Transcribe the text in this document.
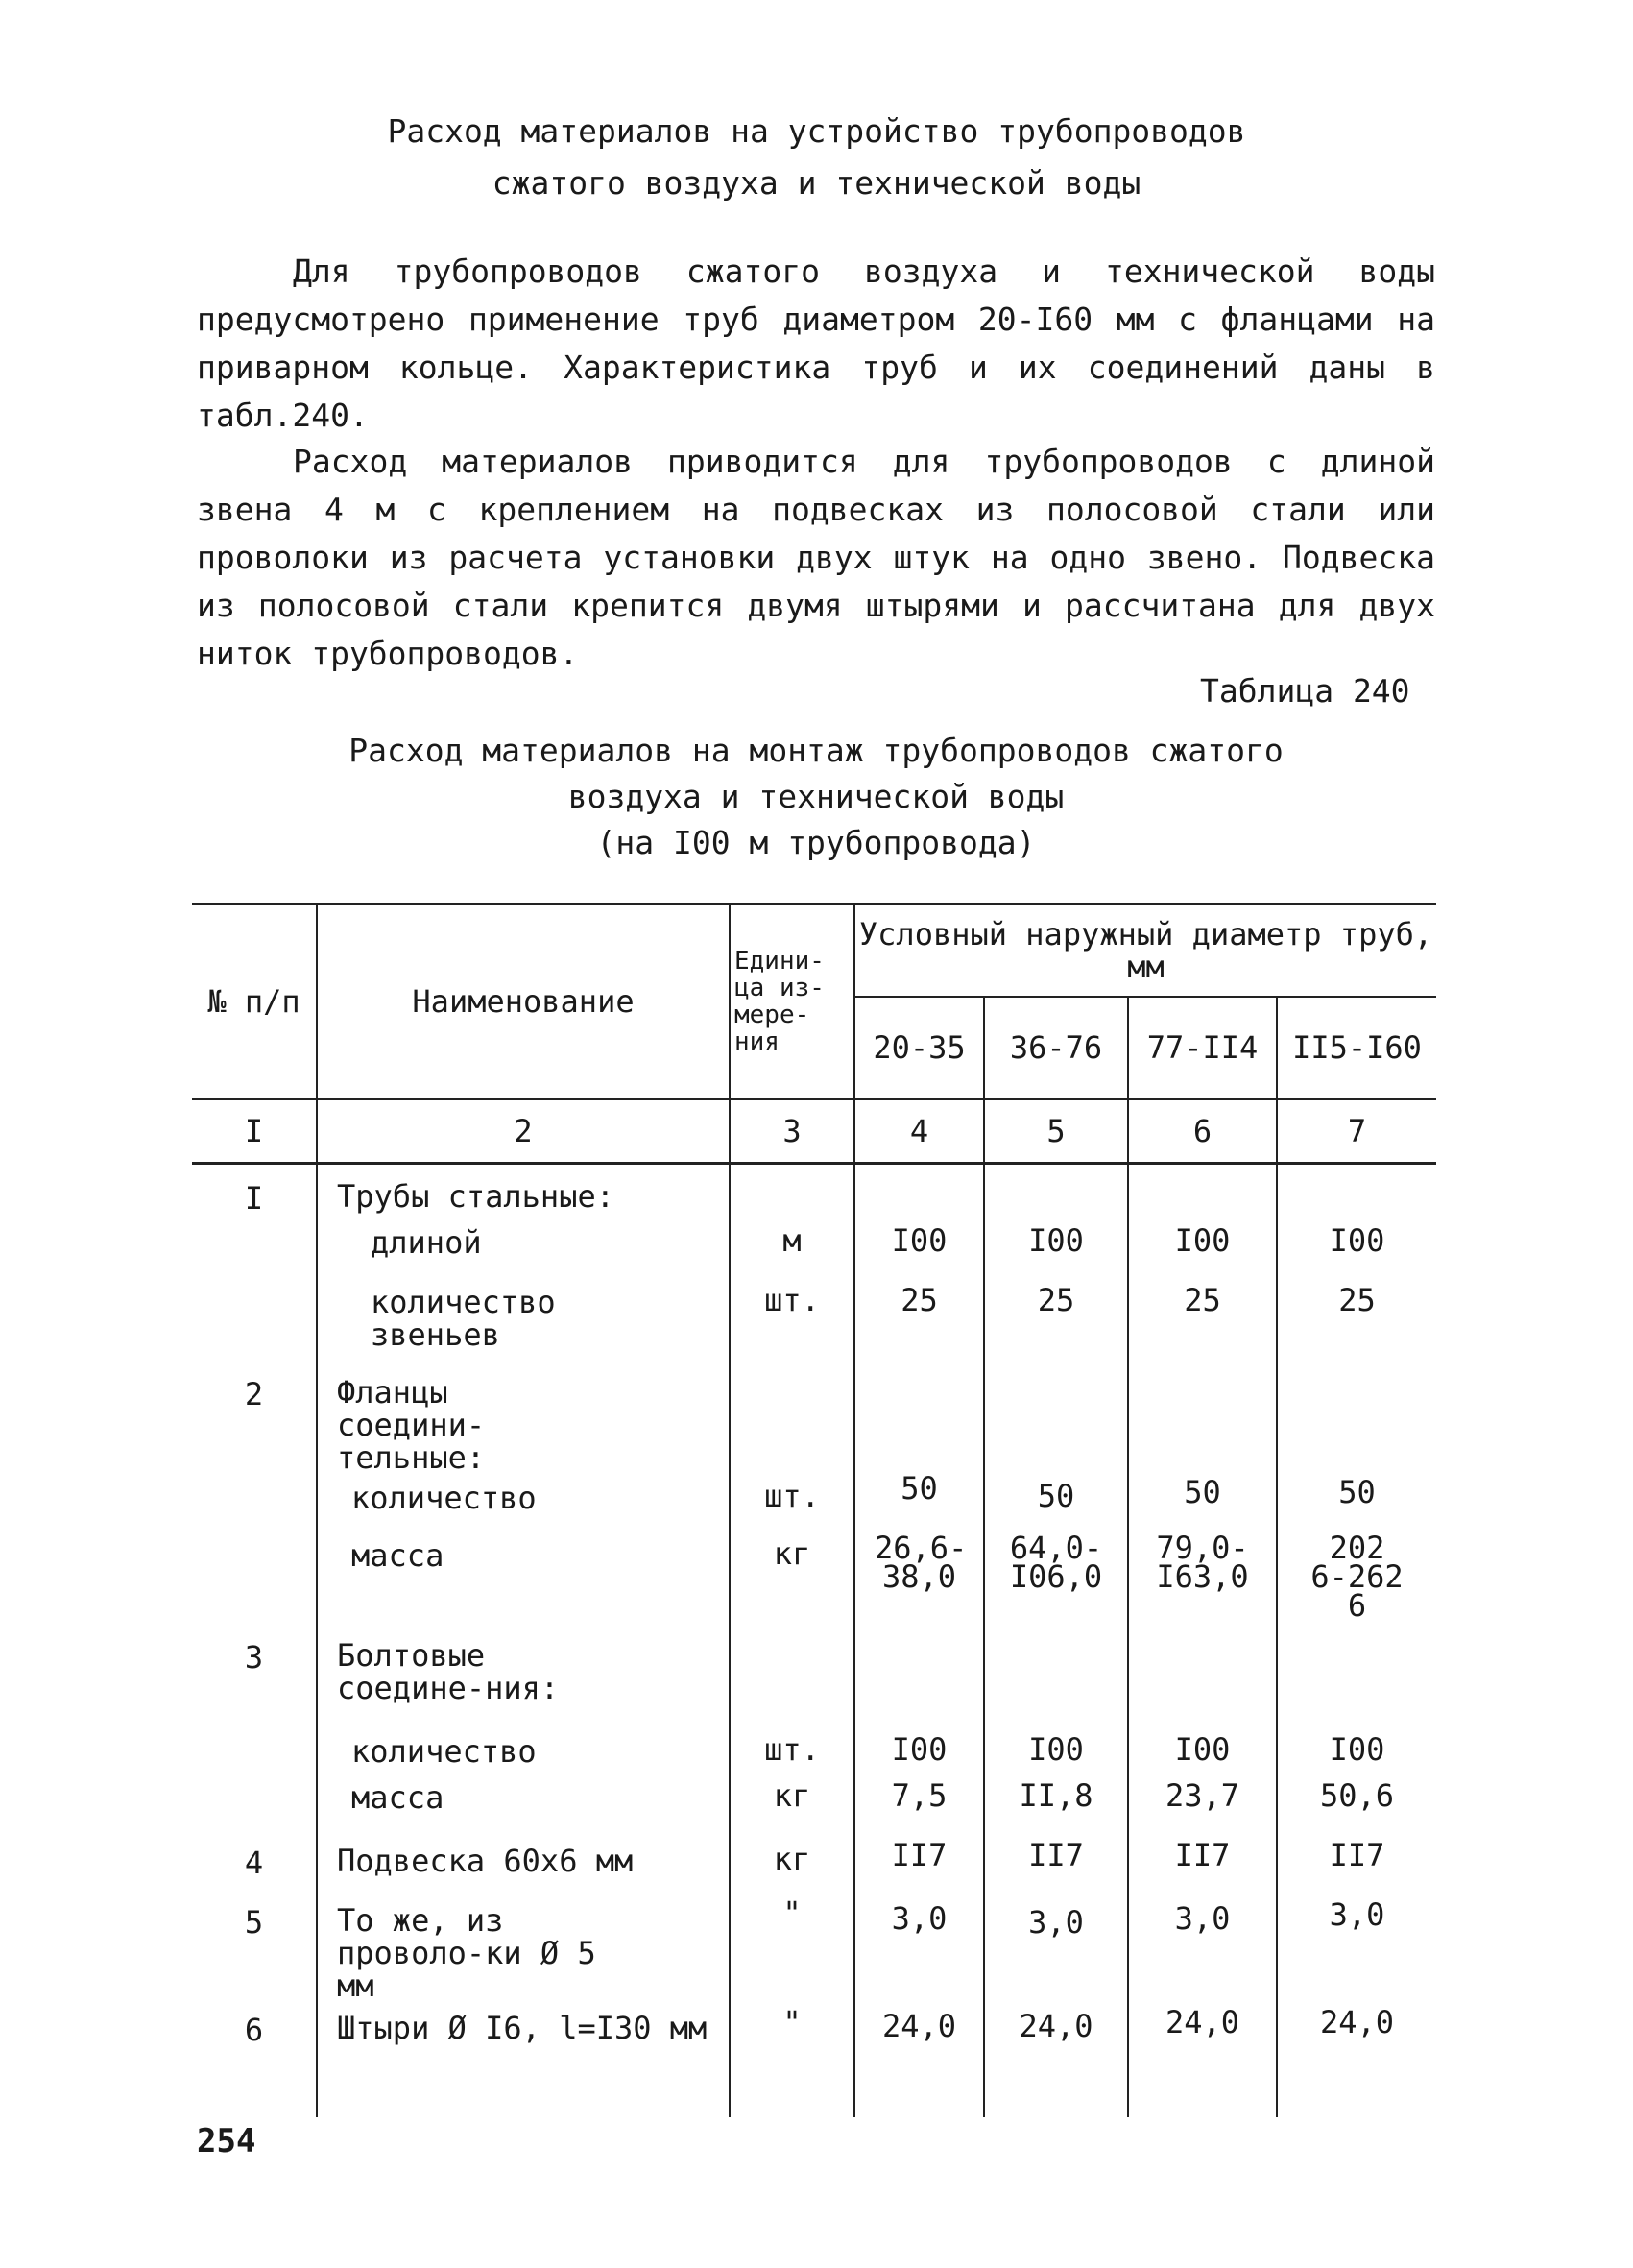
Расход материалов на устройство трубопроводов
сжатого воздуха и технической воды
Для трубопроводов сжатого воздуха и технической воды предусмотрено применение труб диаметром 20-I60 мм с фланцами на приварном кольце. Характеристика труб и их соединений даны в табл.240.
Расход материалов приводится для трубопроводов с длиной звена 4 м с креплением на подвесках из полосовой стали или проволоки из расчета установки двух штук на одно звено. Подвеска из полосовой стали крепится двумя штырями и рассчитана для двух ниток трубопроводов.
Таблица 240
Расход материалов на монтаж трубопроводов сжатого
воздуха и технической воды
(на I00 м трубопровода)
№ п/п	Наименование	Едини-ца из-мере-ния	Условный наружный диаметр труб, мм			
			20-35	36-76	77-II4	II5-I60
I	2	3	4	5	6	7
I	Трубы стальные:					
	длиной	м	I00	I00	I00	I00
	количество звеньев	шт.	25	25	25	25
2	Фланцы соедини-тельные:					
	количество	шт.	50	50	50	50
	масса	кг	26,6-38,0	64,0-I06,0	79,0-I63,0	202 6-262 6
3	Болтовые соедине-ния:					
	количество	шт.	I00	I00	I00	I00
	масса	кг	7,5	II,8	23,7	50,6
4	Подвеска 60х6 мм	кг	II7	II7	II7	II7
5	То же, из проволо-ки Ø 5 мм	"	3,0	3,0	3,0	3,0
6	Штыри Ø I6, l=I30 мм	"	24,0	24,0	24,0	24,0
254
